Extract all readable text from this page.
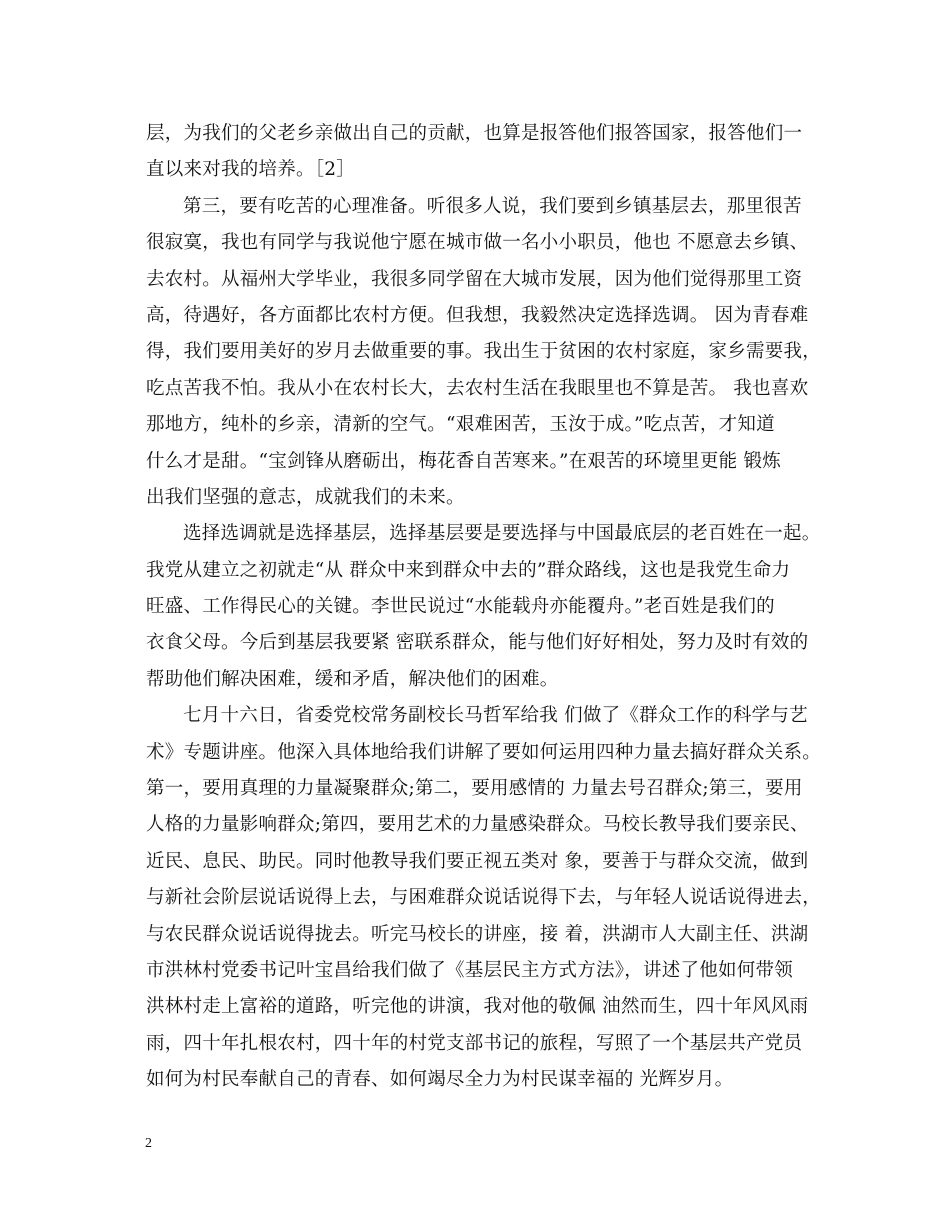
层，为我们的父老乡亲做出自己的贡献，也算是报答他们报答国家，报答他们一
直以来对我的培养。［2］
第三，要有吃苦的心理准备。听很多人说，我们要到乡镇基层去，那里很苦
很寂寞，我也有同学与我说他宁愿在城市做一名小小职员，他也 不愿意去乡镇、
去农村。从福州大学毕业，我很多同学留在大城市发展，因为他们觉得那里工资
高，待遇好，各方面都比农村方便。但我想，我毅然决定选择选调。 因为青春难
得，我们要用美好的岁月去做重要的事。我出生于贫困的农村家庭，家乡需要我，
吃点苦我不怕。我从小在农村长大，去农村生活在我眼里也不算是苦。 我也喜欢
那地方，纯朴的乡亲，清新的空气。“艰难困苦，玉汝于成。”吃点苦，才知道
什么才是甜。“宝剑锋从磨砺出，梅花香自苦寒来。”在艰苦的环境里更能 锻炼
出我们坚强的意志，成就我们的未来。
选择选调就是选择基层，选择基层要是要选择与中国最底层的老百姓在一起。
我党从建立之初就走“从 群众中来到群众中去的”群众路线，这也是我党生命力
旺盛、工作得民心的关键。李世民说过“水能载舟亦能覆舟。”老百姓是我们的
衣食父母。今后到基层我要紧 密联系群众，能与他们好好相处，努力及时有效的
帮助他们解决困难，缓和矛盾，解决他们的困难。
七月十六日，省委党校常务副校长马哲军给我 们做了《群众工作的科学与艺
术》专题讲座。他深入具体地给我们讲解了要如何运用四种力量去搞好群众关系。
第一，要用真理的力量凝聚群众;第二，要用感情的 力量去号召群众;第三，要用
人格的力量影响群众;第四，要用艺术的力量感染群众。马校长教导我们要亲民、
近民、息民、助民。同时他教导我们要正视五类对 象，要善于与群众交流，做到
与新社会阶层说话说得上去，与困难群众说话说得下去，与年轻人说话说得进去，
与农民群众说话说得拢去。听完马校长的讲座，接 着，洪湖市人大副主任、洪湖
市洪林村党委书记叶宝昌给我们做了《基层民主方式方法》，讲述了他如何带领
洪林村走上富裕的道路，听完他的讲演，我对他的敬佩 油然而生，四十年风风雨
雨，四十年扎根农村，四十年的村党支部书记的旅程，写照了一个基层共产党员
如何为村民奉献自己的青春、如何竭尽全力为村民谋幸福的 光辉岁月。
2
